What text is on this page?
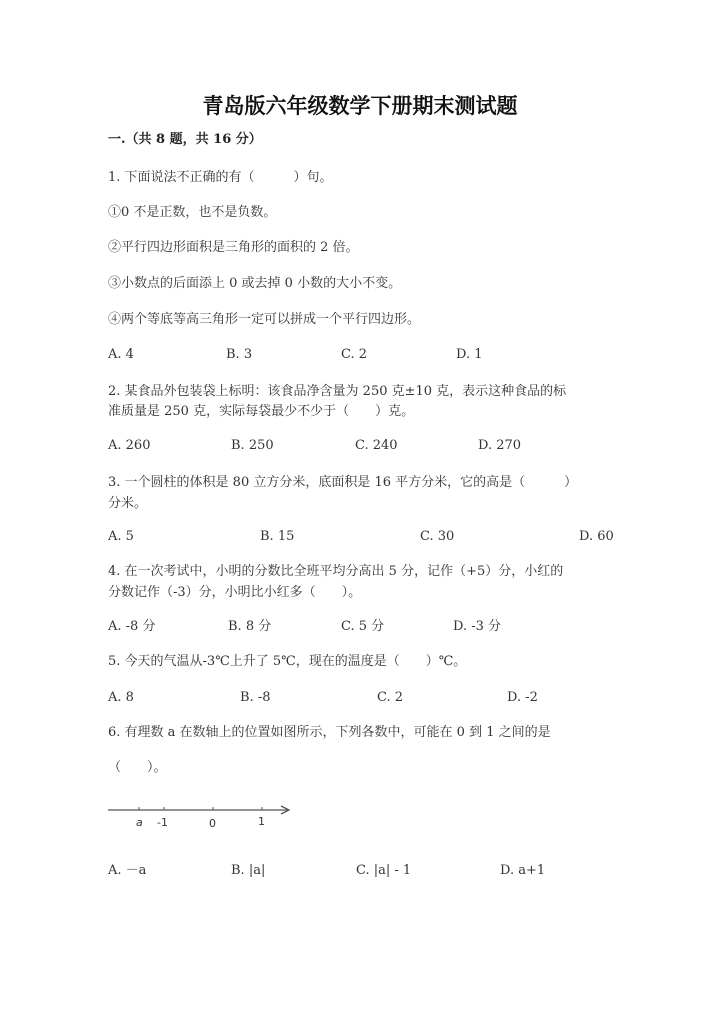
青岛版六年级数学下册期末测试题
一.（共 8 题，共 16 分）
1. 下面说法不正确的有（　　　）句。
①0 不是正数，也不是负数。
②平行四边形面积是三角形的面积的 2 倍。
③小数点的后面添上 0 或去掉 0 小数的大小不变。
④两个等底等高三角形一定可以拼成一个平行四边形。
A. 4	B. 3	C. 2	D. 1
2. 某食品外包装袋上标明：该食品净含量为 250 克±10 克，表示这种食品的标
准质量是 250 克，实际每袋最少不少于（　　）克。
A. 260	B. 250	C. 240	D. 270
3. 一个圆柱的体积是 80 立方分米，底面积是 16 平方分米，它的高是（　　　）
分米。
A. 5	B. 15	C. 30	D. 60
4. 在一次考试中，小明的分数比全班平均分高出 5 分，记作（+5）分，小红的
分数记作（-3）分，小明比小红多（　　）。
A. -8 分	B. 8 分	C. 5 分	D. -3 分
5. 今天的气温从-3℃上升了 5℃，现在的温度是（　　）℃。
A. 8	B. -8	C. 2	D. -2
6. 有理数 a 在数轴上的位置如图所示，下列各数中，可能在 0 到 1 之间的是
（　　）。
a -1	0	1
A. －a	B. |a|	C. |a| - 1	D. a+1
